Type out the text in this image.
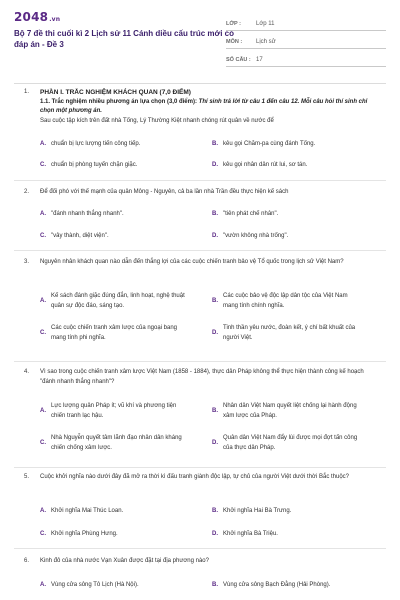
2048.vn
Bộ 7 đề thi cuối kì 2 Lịch sử 11 Cánh diều cấu trúc mới có đáp án - Đề 3
LỚP :	Lớp 11
MÔN :	Lịch sử
SỐ CÂU : 17
1. PHẦN I. TRẮC NGHIỆM KHÁCH QUAN (7,0 ĐIỂM)
1.1. Trắc nghiệm nhiều phương án lựa chọn (3,0 điểm): Thí sinh trả lời từ câu 1 đến câu 12. Mỗi câu hỏi thí sinh chỉ chọn một phương án.
Sau cuộc tập kích trên đất nhà Tống, Lý Thường Kiệt nhanh chóng rút quân về nước để
A. chuẩn bị lực lượng tiến công tiếp.	B. kêu gọi Chăm-pa cùng đánh Tống.
C. chuẩn bị phòng tuyến chặn giặc.	D. kêu gọi nhân dân rút lui, sơ tán.
2. Để đối phó với thế mạnh của quân Mông - Nguyên, cả ba lần nhà Trần đều thực hiện kế sách
A. "đánh nhanh thắng nhanh".	B. "tiên phát chế nhân".
C. "vây thành, diệt viện".	D. "vườn không nhà trống".
3. Nguyên nhân khách quan nào dẫn đến thắng lợi của các cuộc chiến tranh bảo vệ Tổ quốc trong lịch sử Việt Nam?
A.
Kế sách đánh giặc đúng đắn, linh hoạt, nghệ thuật quân sự độc đáo, sáng tạo.
B.
Các cuộc bảo vệ độc lập dân tộc của Việt Nam mang tính chính nghĩa.
C.
Các cuộc chiến tranh xâm lược của ngoại bang mang tính phi nghĩa.
D.
Tinh thần yêu nước, đoàn kết, ý chí bất khuất của người Việt.
4. Vì sao trong cuộc chiến tranh xâm lược Việt Nam (1858 - 1884), thực dân Pháp không thể thực hiện thành công kế hoạch "đánh nhanh thắng nhanh"?
A.
Lực lượng quân Pháp ít; vũ khí và phương tiện chiến tranh lạc hậu.
B.
Nhân dân Việt Nam quyết liệt chống lại hành động xâm lược của Pháp.
C.
Nhà Nguyễn quyết tâm lãnh đạo nhân dân kháng chiến chống xâm lược.
D.
Quân dân Việt Nam đẩy lùi được mọi đợt tấn công của thực dân Pháp.
5. Cuộc khởi nghĩa nào dưới đây đã mở ra thời kì đấu tranh giành độc lập, tự chủ của người Việt dưới thời Bắc thuộc?
A. Khởi nghĩa Mai Thúc Loan.	B. Khởi nghĩa Hai Bà Trưng.
C. Khởi nghĩa Phùng Hưng.	D. Khởi nghĩa Bà Triệu.
6. Kinh đô của nhà nước Vạn Xuân được đặt tại địa phương nào?
A. Vùng cửa sông Tô Lịch (Hà Nội).	B. Vùng cửa sông Bạch Đằng (Hải Phòng).
